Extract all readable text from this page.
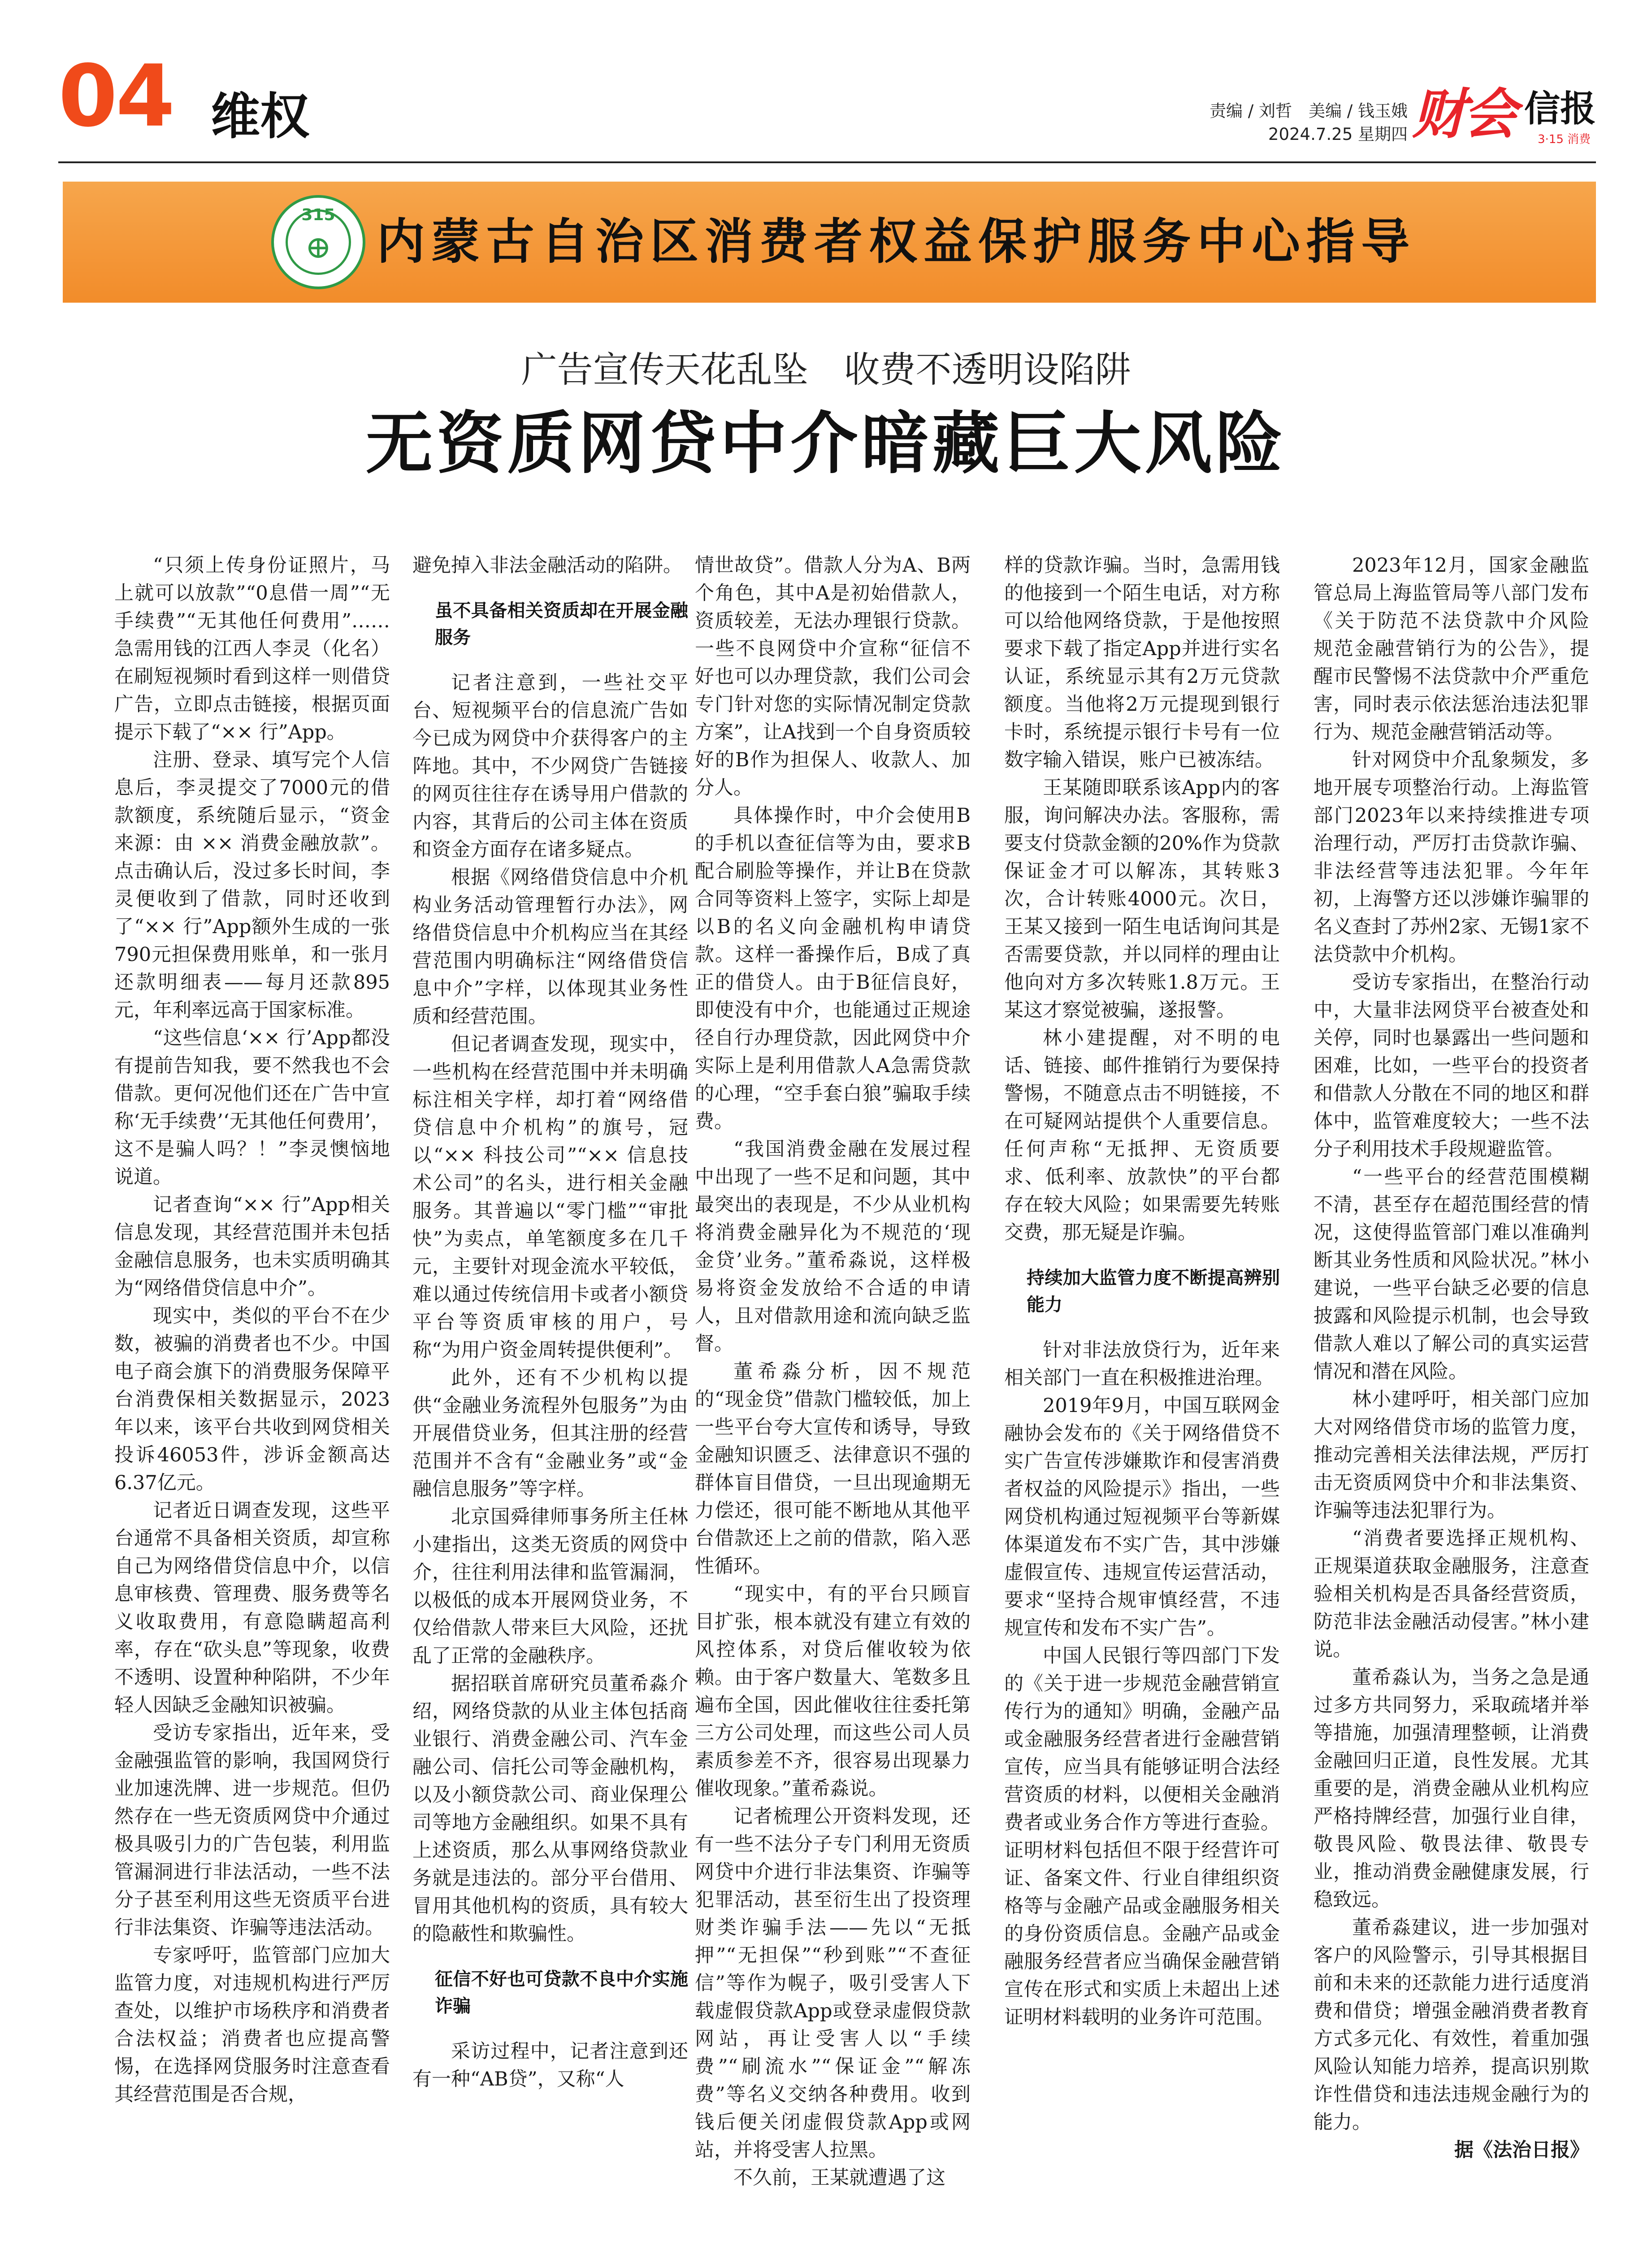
04 维权	责编 / 刘哲　美编 / 钱玉娥
2024.7.25 星期四 财会 信报
3·15 消费
315
⊕ 内蒙古自治区消费者权益保护服务中心指导
广告宣传天花乱坠　收费不透明设陷阱
无资质网贷中介暗藏巨大风险

“只须上传身份证照片，马上就可以放款”“0息借一周”“无手续费”“无其他任何费用”……急需用钱的江西人李灵（化名）在刷短视频时看到这样一则借贷广告，立即点击链接，根据页面提示下载了“×× 行”App。

注册、登录、填写完个人信息后，李灵提交了7000元的借款额度，系统随后显示，“资金来源：由 ×× 消费金融放款”。点击确认后，没过多长时间，李灵便收到了借款，同时还收到了“×× 行”App额外生成的一张790元担保费用账单，和一张月还款明细表——每月还款895元，年利率远高于国家标准。

“这些信息‘×× 行’App都没有提前告知我，要不然我也不会借款。更何况他们还在广告中宣称‘无手续费’‘无其他任何费用’，这不是骗人吗？！”李灵懊恼地说道。

记者查询“×× 行”App相关信息发现，其经营范围并未包括金融信息服务，也未实质明确其为“网络借贷信息中介”。

现实中，类似的平台不在少数，被骗的消费者也不少。中国电子商会旗下的消费服务保障平台消费保相关数据显示，2023年以来，该平台共收到网贷相关投诉46053件，涉诉金额高达6.37亿元。

记者近日调查发现，这些平台通常不具备相关资质，却宣称自己为网络借贷信息中介，以信息审核费、管理费、服务费等名义收取费用，有意隐瞒超高利率，存在“砍头息”等现象，收费不透明、设置种种陷阱，不少年轻人因缺乏金融知识被骗。

受访专家指出，近年来，受金融强监管的影响，我国网贷行业加速洗牌、进一步规范。但仍然存在一些无资质网贷中介通过极具吸引力的广告包装，利用监管漏洞进行非法活动，一些不法分子甚至利用这些无资质平台进行非法集资、诈骗等违法活动。

专家呼吁，监管部门应加大监管力度，对违规机构进行严厉查处，以维护市场秩序和消费者合法权益；消费者也应提高警惕，在选择网贷服务时注意查看其经营范围是否合规，

避免掉入非法金融活动的陷阱。

虽不具备相关资质却在开展金融服务

记者注意到，一些社交平台、短视频平台的信息流广告如今已成为网贷中介获得客户的主阵地。其中，不少网贷广告链接的网页往往存在诱导用户借款的内容，其背后的公司主体在资质和资金方面存在诸多疑点。

根据《网络借贷信息中介机构业务活动管理暂行办法》，网络借贷信息中介机构应当在其经营范围内明确标注“网络借贷信息中介”字样，以体现其业务性质和经营范围。

但记者调查发现，现实中，一些机构在经营范围中并未明确标注相关字样，却打着“网络借贷信息中介机构”的旗号，冠以“×× 科技公司”“×× 信息技术公司”的名头，进行相关金融服务。其普遍以“零门槛”“审批快”为卖点，单笔额度多在几千元，主要针对现金流水平较低，难以通过传统信用卡或者小额贷平台等资质审核的用户，号称“为用户资金周转提供便利”。

此外，还有不少机构以提供“金融业务流程外包服务”为由开展借贷业务，但其注册的经营范围并不含有“金融业务”或“金融信息服务”等字样。

北京国舜律师事务所主任林小建指出，这类无资质的网贷中介，往往利用法律和监管漏洞，以极低的成本开展网贷业务，不仅给借款人带来巨大风险，还扰乱了正常的金融秩序。

据招联首席研究员董希淼介绍，网络贷款的从业主体包括商业银行、消费金融公司、汽车金融公司、信托公司等金融机构，以及小额贷款公司、商业保理公司等地方金融组织。如果不具有上述资质，那么从事网络贷款业务就是违法的。部分平台借用、冒用其他机构的资质，具有较大的隐蔽性和欺骗性。

征信不好也可贷款不良中介实施诈骗

采访过程中，记者注意到还有一种“AB贷”，又称“人

情世故贷”。借款人分为A、B两个角色，其中A是初始借款人，资质较差，无法办理银行贷款。一些不良网贷中介宣称“征信不好也可以办理贷款，我们公司会专门针对您的实际情况制定贷款方案”，让A找到一个自身资质较好的B作为担保人、收款人、加分人。

具体操作时，中介会使用B的手机以查征信等为由，要求B配合刷脸等操作，并让B在贷款合同等资料上签字，实际上却是以B的名义向金融机构申请贷款。这样一番操作后，B成了真正的借贷人。由于B征信良好，即使没有中介，也能通过正规途径自行办理贷款，因此网贷中介实际上是利用借款人A急需贷款的心理，“空手套白狼”骗取手续费。

“我国消费金融在发展过程中出现了一些不足和问题，其中最突出的表现是，不少从业机构将消费金融异化为不规范的‘现金贷’业务。”董希淼说，这样极易将资金发放给不合适的申请人，且对借款用途和流向缺乏监督。

董希淼分析，因不规范的“现金贷”借款门槛较低，加上一些平台夸大宣传和诱导，导致金融知识匮乏、法律意识不强的群体盲目借贷，一旦出现逾期无力偿还，很可能不断地从其他平台借款还上之前的借款，陷入恶性循环。

“现实中，有的平台只顾盲目扩张，根本就没有建立有效的风控体系，对贷后催收较为依赖。由于客户数量大、笔数多且遍布全国，因此催收往往委托第三方公司处理，而这些公司人员素质参差不齐，很容易出现暴力催收现象。”董希淼说。

记者梳理公开资料发现，还有一些不法分子专门利用无资质网贷中介进行非法集资、诈骗等犯罪活动，甚至衍生出了投资理财类诈骗手法——先以“无抵押”“无担保”“秒到账”“不查征信”等作为幌子，吸引受害人下载虚假贷款App或登录虚假贷款网站，再让受害人以“手续费”“刷流水”“保证金”“解冻费”等名义交纳各种费用。收到钱后便关闭虚假贷款App或网站，并将受害人拉黑。

不久前，王某就遭遇了这

样的贷款诈骗。当时，急需用钱的他接到一个陌生电话，对方称可以给他网络贷款，于是他按照要求下载了指定App并进行实名认证，系统显示其有2万元贷款额度。当他将2万元提现到银行卡时，系统提示银行卡号有一位数字输入错误，账户已被冻结。

王某随即联系该App内的客服，询问解决办法。客服称，需要支付贷款金额的20%作为贷款保证金才可以解冻，其转账3次，合计转账4000元。次日，王某又接到一陌生电话询问其是否需要贷款，并以同样的理由让他向对方多次转账1.8万元。王某这才察觉被骗，遂报警。

林小建提醒，对不明的电话、链接、邮件推销行为要保持警惕，不随意点击不明链接，不在可疑网站提供个人重要信息。任何声称“无抵押、无资质要求、低利率、放款快”的平台都存在较大风险；如果需要先转账交费，那无疑是诈骗。

持续加大监管力度不断提高辨别能力

针对非法放贷行为，近年来相关部门一直在积极推进治理。

2019年9月，中国互联网金融协会发布的《关于网络借贷不实广告宣传涉嫌欺诈和侵害消费者权益的风险提示》指出，一些网贷机构通过短视频平台等新媒体渠道发布不实广告，其中涉嫌虚假宣传、违规宣传运营活动，要求“坚持合规审慎经营，不违规宣传和发布不实广告”。

中国人民银行等四部门下发的《关于进一步规范金融营销宣传行为的通知》明确，金融产品或金融服务经营者进行金融营销宣传，应当具有能够证明合法经营资质的材料，以便相关金融消费者或业务合作方等进行查验。证明材料包括但不限于经营许可证、备案文件、行业自律组织资格等与金融产品或金融服务相关的身份资质信息。金融产品或金融服务经营者应当确保金融营销宣传在形式和实质上未超出上述证明材料载明的业务许可范围。

2023年12月，国家金融监管总局上海监管局等八部门发布《关于防范不法贷款中介风险 规范金融营销行为的公告》，提醒市民警惕不法贷款中介严重危害，同时表示依法惩治违法犯罪行为、规范金融营销活动等。

针对网贷中介乱象频发，多地开展专项整治行动。上海监管部门2023年以来持续推进专项治理行动，严厉打击贷款诈骗、非法经营等违法犯罪。今年年初，上海警方还以涉嫌诈骗罪的名义查封了苏州2家、无锡1家不法贷款中介机构。

受访专家指出，在整治行动中，大量非法网贷平台被查处和关停，同时也暴露出一些问题和困难，比如，一些平台的投资者和借款人分散在不同的地区和群体中，监管难度较大；一些不法分子利用技术手段规避监管。

“一些平台的经营范围模糊不清，甚至存在超范围经营的情况，这使得监管部门难以准确判断其业务性质和风险状况。”林小建说，一些平台缺乏必要的信息披露和风险提示机制，也会导致借款人难以了解公司的真实运营情况和潜在风险。

林小建呼吁，相关部门应加大对网络借贷市场的监管力度，推动完善相关法律法规，严厉打击无资质网贷中介和非法集资、诈骗等违法犯罪行为。

“消费者要选择正规机构、正规渠道获取金融服务，注意查验相关机构是否具备经营资质，防范非法金融活动侵害。”林小建说。

董希淼认为，当务之急是通过多方共同努力，采取疏堵并举等措施，加强清理整顿，让消费金融回归正道，良性发展。尤其重要的是，消费金融从业机构应严格持牌经营，加强行业自律，敬畏风险、敬畏法律、敬畏专业，推动消费金融健康发展，行稳致远。

董希淼建议，进一步加强对客户的风险警示，引导其根据目前和未来的还款能力进行适度消费和借贷；增强金融消费者教育方式多元化、有效性，着重加强风险认知能力培养，提高识别欺诈性借贷和违法违规金融行为的能力。

据《法治日报》
